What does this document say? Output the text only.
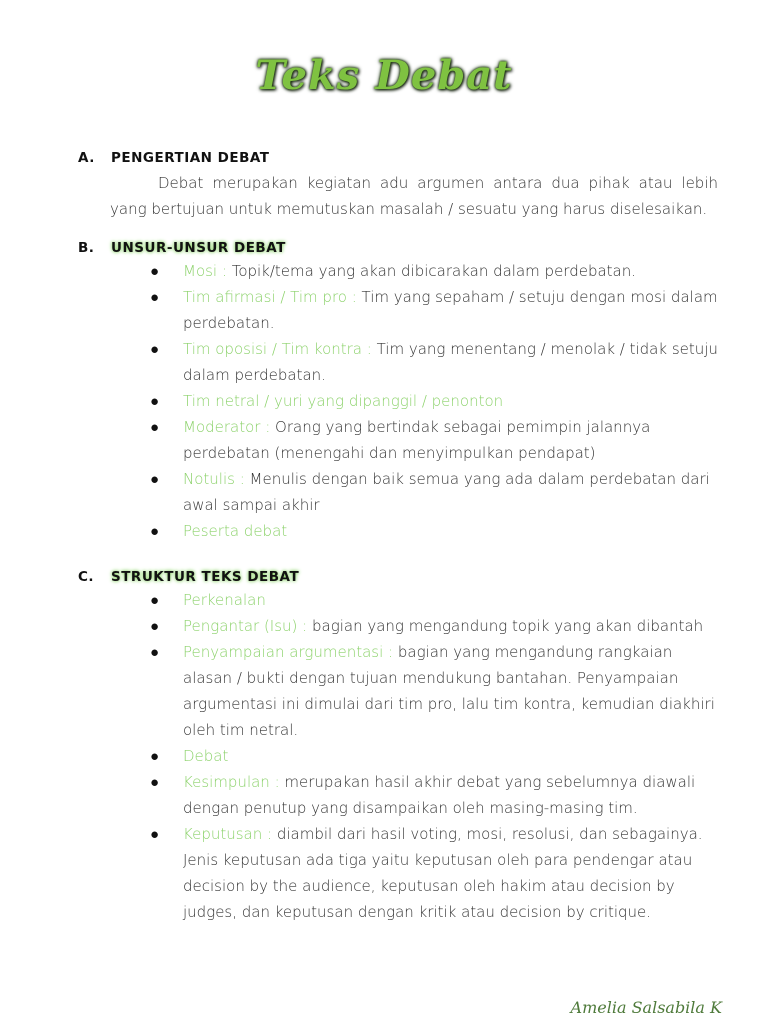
Teks Debat
A.	PENGERTIAN DEBAT
Debat merupakan kegiatan adu argumen antara dua pihak atau lebih yang bertujuan untuk memutuskan masalah / sesuatu yang harus diselesaikan.
B.	UNSUR-UNSUR DEBAT
● Mosi : Topik/tema yang akan dibicarakan dalam perdebatan.
● Tim afirmasi / Tim pro : Tim yang sepaham / setuju dengan mosi dalam perdebatan.
● Tim oposisi / Tim kontra : Tim yang menentang / menolak / tidak setuju dalam perdebatan.
● Tim netral / yuri yang dipanggil / penonton
● Moderator : Orang yang bertindak sebagai pemimpin jalannya perdebatan (menengahi dan menyimpulkan pendapat)
● Notulis : Menulis dengan baik semua yang ada dalam perdebatan dari awal sampai akhir
● Peserta debat
C.	STRUKTUR TEKS DEBAT
● Perkenalan
● Pengantar (Isu) : bagian yang mengandung topik yang akan dibantah
● Penyampaian argumentasi : bagian yang mengandung rangkaian alasan / bukti dengan tujuan mendukung bantahan. Penyampaian argumentasi ini dimulai dari tim pro, lalu tim kontra, kemudian diakhiri oleh tim netral.
● Debat
● Kesimpulan : merupakan hasil akhir debat yang sebelumnya diawali dengan penutup yang disampaikan oleh masing-masing tim.
● Keputusan : diambil dari hasil voting, mosi, resolusi, dan sebagainya. Jenis keputusan ada tiga yaitu keputusan oleh para pendengar atau decision by the audience, keputusan oleh hakim atau decision by judges, dan keputusan dengan kritik atau decision by critique.
Amelia Salsabila K
